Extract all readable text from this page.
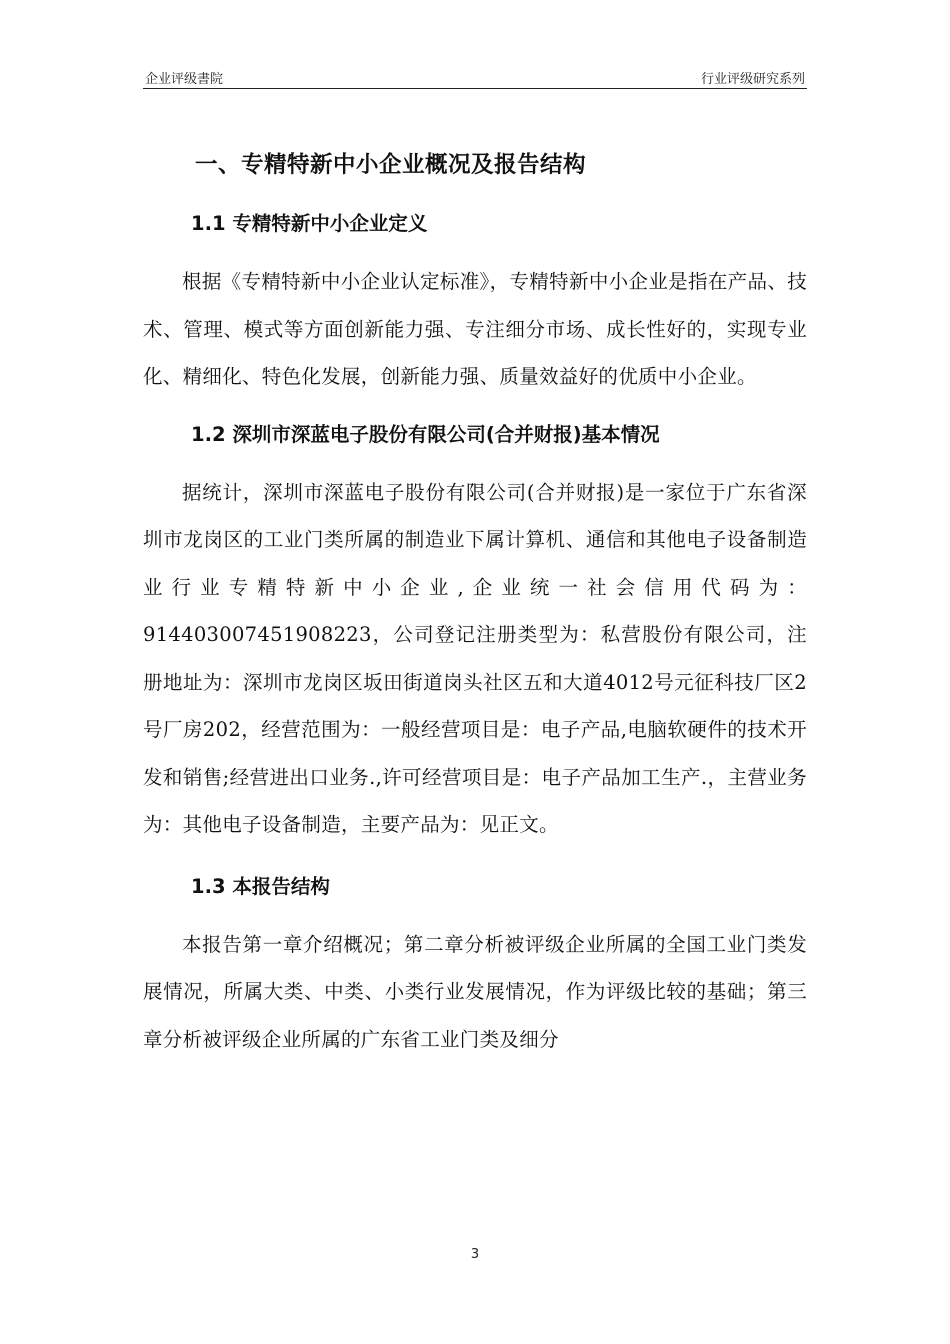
企业评级書院	行业评级研究系列
一、专精特新中小企业概况及报告结构
1.1 专精特新中小企业定义

根据《专精特新中小企业认定标准》，专精特新中小企业是指在产品、技术、管理、模式等方面创新能力强、专注细分市场、成长性好的，实现专业化、精细化、特色化发展，创新能力强、质量效益好的优质中小企业。

1.2 深圳市深蓝电子股份有限公司(合并财报)基本情况

据统计，深圳市深蓝电子股份有限公司(合并财报)是一家位于广东省深圳市龙岗区的工业门类所属的制造业下属计算机、通信和其他电子设备制造业行业专精特新中小企业,企业统一社会信用代码为：914403007451908223，公司登记注册类型为：私营股份有限公司，注册地址为：深圳市龙岗区坂田街道岗头社区五和大道4012号元征科技厂区2号厂房202，经营范围为：一般经营项目是：电子产品,电脑软硬件的技术开发和销售;经营进出口业务.,许可经营项目是：电子产品加工生产.，主营业务为：其他电子设备制造，主要产品为：见正文。

1.3 本报告结构

本报告第一章介绍概况；第二章分析被评级企业所属的全国工业门类发展情况，所属大类、中类、小类行业发展情况，作为评级比较的基础；第三章分析被评级企业所属的广东省工业门类及细分

3
